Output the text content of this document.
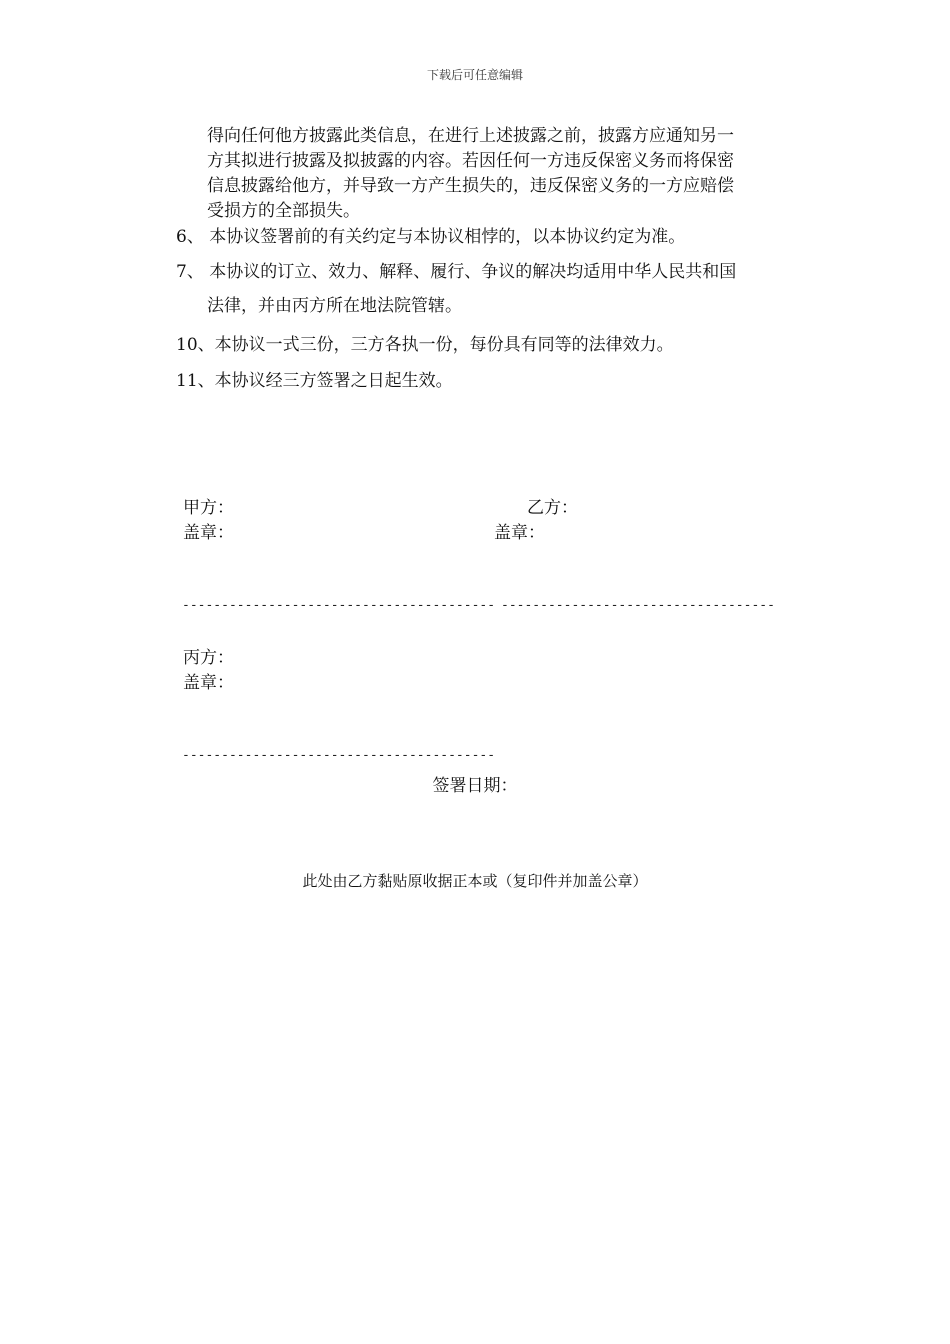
下载后可任意编辑
得向任何他方披露此类信息，在进行上述披露之前，披露方应通知另一
方其拟进行披露及拟披露的内容。若因任何一方违反保密义务而将保密
信息披露给他方，并导致一方产生损失的，违反保密义务的一方应赔偿
受损方的全部损失。
6、 本协议签署前的有关约定与本协议相悖的，以本协议约定为准。
7、 本协议的订立、效力、解释、履行、争议的解决均适用中华人民共和国
法律，并由丙方所在地法院管辖。
10、本协议一式三份，三方各执一份，每份具有同等的法律效力。
11、本协议经三方签署之日起生效。
甲方：
盖章：
乙方：
盖章：
---------------------------------------- -----------------------------------
丙方：
盖章：
----------------------------------------
签署日期：
此处由乙方黏贴原收据正本或（复印件并加盖公章）
